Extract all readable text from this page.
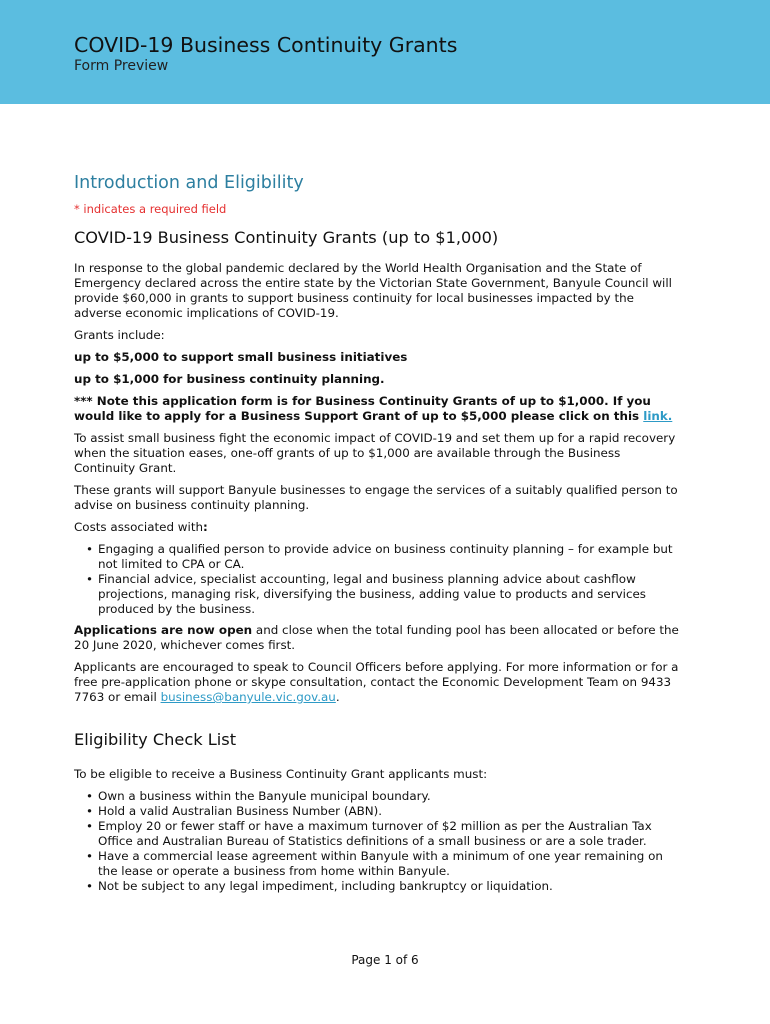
COVID-19 Business Continuity Grants
Form Preview
Introduction and Eligibility
* indicates a required field
COVID-19 Business Continuity Grants (up to $1,000)

In response to the global pandemic declared by the World Health Organisation and the State of Emergency declared across the entire state by the Victorian State Government, Banyule Council will provide $60,000 in grants to support business continuity for local businesses impacted by the adverse economic implications of COVID-19.

Grants include:

up to $5,000 to support small business initiatives

up to $1,000 for business continuity planning.

*** Note this application form is for Business Continuity Grants of up to $1,000. If you would like to apply for a Business Support Grant of up to $5,000 please click on this link.

To assist small business fight the economic impact of COVID-19 and set them up for a rapid recovery when the situation eases, one-off grants of up to $1,000 are available through the Business Continuity Grant.

These grants will support Banyule businesses to engage the services of a suitably qualified person to advise on business continuity planning.

Costs associated with:

• Engaging a qualified person to provide advice on business continuity planning – for example but not limited to CPA or CA.
• Financial advice, specialist accounting, legal and business planning advice about cashflow projections, managing risk, diversifying the business, adding value to products and services produced by the business.

Applications are now open and close when the total funding pool has been allocated or before the 20 June 2020, whichever comes first.

Applicants are encouraged to speak to Council Officers before applying. For more information or for a free pre-application phone or skype consultation, contact the Economic Development Team on 9433 7763 or email business@banyule.vic.gov.au.

Eligibility Check List

To be eligible to receive a Business Continuity Grant applicants must:

• Own a business within the Banyule municipal boundary.
• Hold a valid Australian Business Number (ABN).
• Employ 20 or fewer staff or have a maximum turnover of $2 million as per the Australian Tax Office and Australian Bureau of Statistics definitions of a small business or are a sole trader.
• Have a commercial lease agreement within Banyule with a minimum of one year remaining on the lease or operate a business from home within Banyule.
• Not be subject to any legal impediment, including bankruptcy or liquidation.
Page 1 of 6
